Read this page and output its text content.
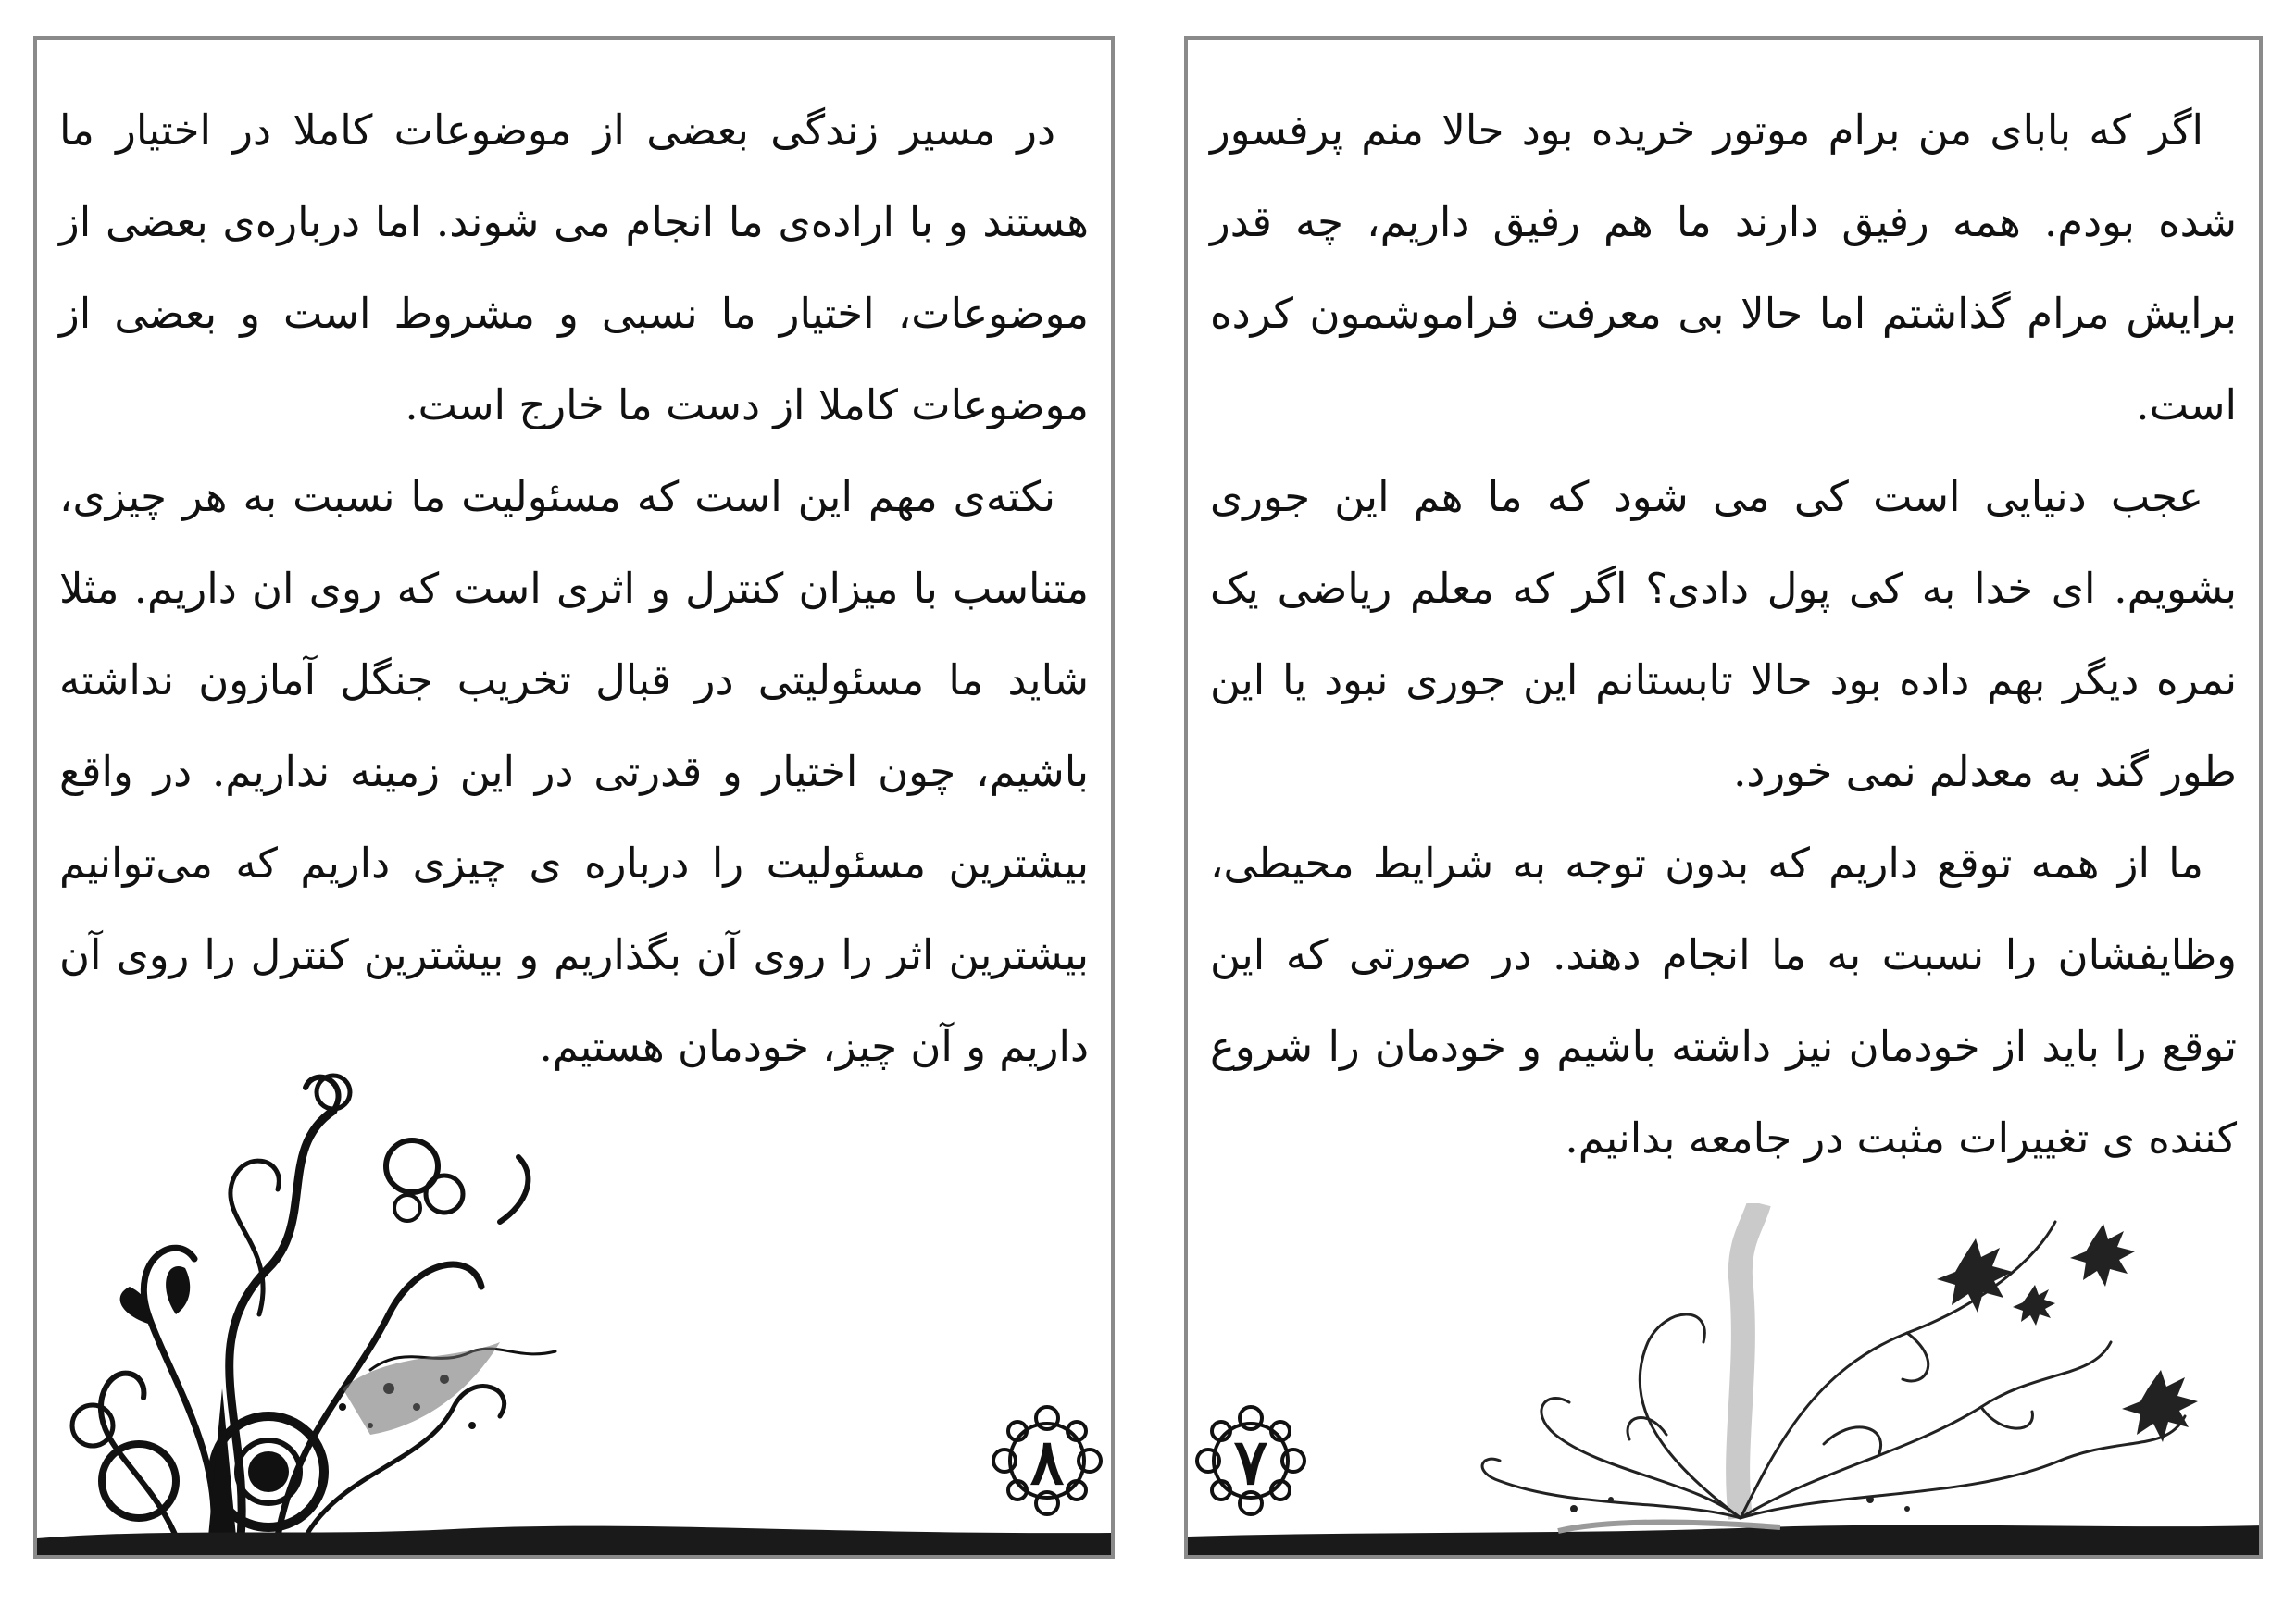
در مسیر زندگی بعضی از موضوعات کاملا در اختیار ما هستند و با اراده‌ی ما انجام می شوند. اما درباره‌ی بعضی از موضوعات، اختیار ما نسبی و مشروط است و بعضی از موضوعات کاملا از دست ما خارج است.

نکته‌ی مهم این است که مسئولیت ما نسبت به هر چیزی، متناسب با میزان کنترل و اثری است که روی ان داریم. مثلا شاید ما مسئولیتی در قبال تخریب جنگل آمازون نداشته باشیم، چون اختیار و قدرتی در این زمینه نداریم. در واقع بیشترین مسئولیت را درباره ی چیزی داریم که می‌توانیم بیشترین اثر را روی آن بگذاریم و بیشترین کنترل را روی آن داریم و آن چیز، خودمان هستیم.

۸

اگر که بابای من برام موتور خریده بود حالا منم پرفسور شده بودم. همه رفیق دارند ما هم رفیق داریم، چه قدر برایش مرام گذاشتم اما حالا بی معرفت فراموشمون کرده است.

عجب دنیایی است کی می شود که ما هم این جوری بشویم. ای خدا به کی پول دادی؟ اگر که معلم ریاضی یک نمره دیگر بهم داده بود حالا تابستانم این جوری نبود یا این طور گند به معدلم نمی خورد.

ما از همه توقع داریم که بدون توجه به شرایط محیطی، وظایفشان را نسبت به ما انجام دهند. در صورتی که این توقع را باید از خودمان نیز داشته باشیم و خودمان را شروع کننده ی تغییرات مثبت در جامعه بدانیم.

۷
